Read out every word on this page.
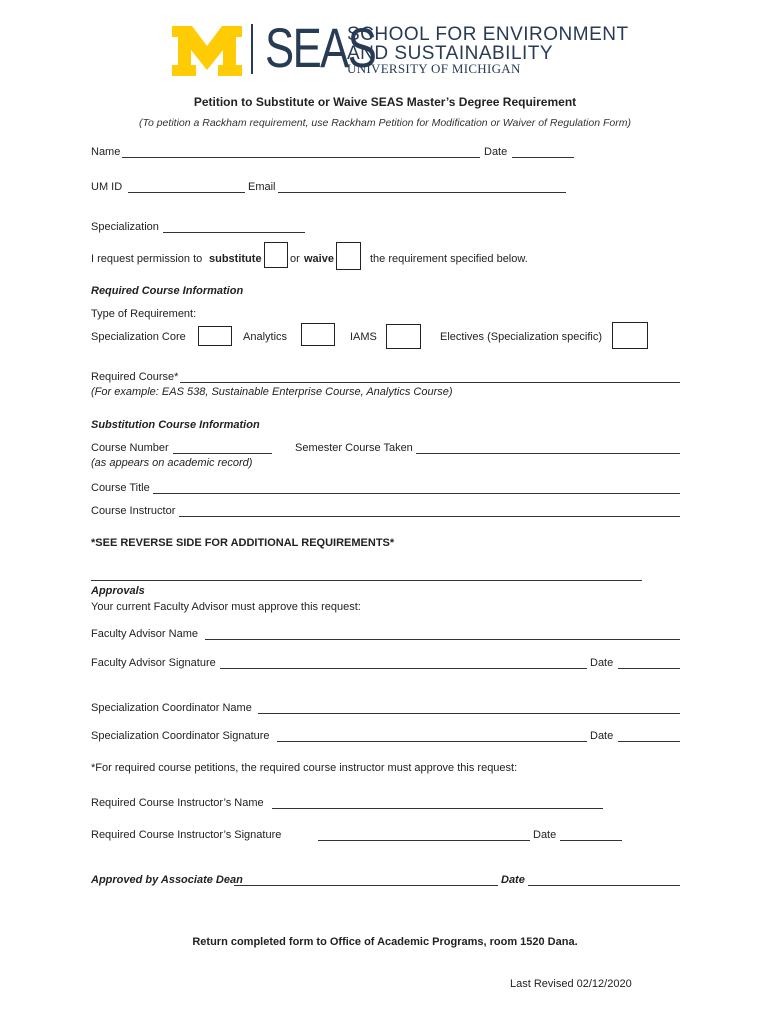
SEAS
SCHOOL FOR ENVIRONMENT
AND SUSTAINABILITY
UNIVERSITY OF MICHIGAN
Petition to Substitute or Waive SEAS Master’s Degree Requirement
(To petition a Rackham requirement, use Rackham Petition for Modification or Waiver of Regulation Form)
Name	Date
UM ID	Email
Specialization
I request permission to substitute	or waive	the requirement specified below.
Required Course Information
Type of Requirement:
Specialization Core	Analytics	IAMS	Electives (Specialization specific)
Required Course*
(For example: EAS 538, Sustainable Enterprise Course, Analytics Course)
Substitution Course Information
Course Number
(as appears on academic record)
Semester Course Taken
Course Title
Course Instructor
*SEE REVERSE SIDE FOR ADDITIONAL REQUIREMENTS*
Approvals
Your current Faculty Advisor must approve this request:
Faculty Advisor Name
Faculty Advisor Signature	Date
Specialization Coordinator Name
Specialization Coordinator Signature	Date
*For required course petitions, the required course instructor must approve this request:
Required Course Instructor’s Name
Required Course Instructor’s Signature	Date
Approved by Associate Dean	Date
Return completed form to Office of Academic Programs, room 1520 Dana.
Last Revised 02/12/2020
